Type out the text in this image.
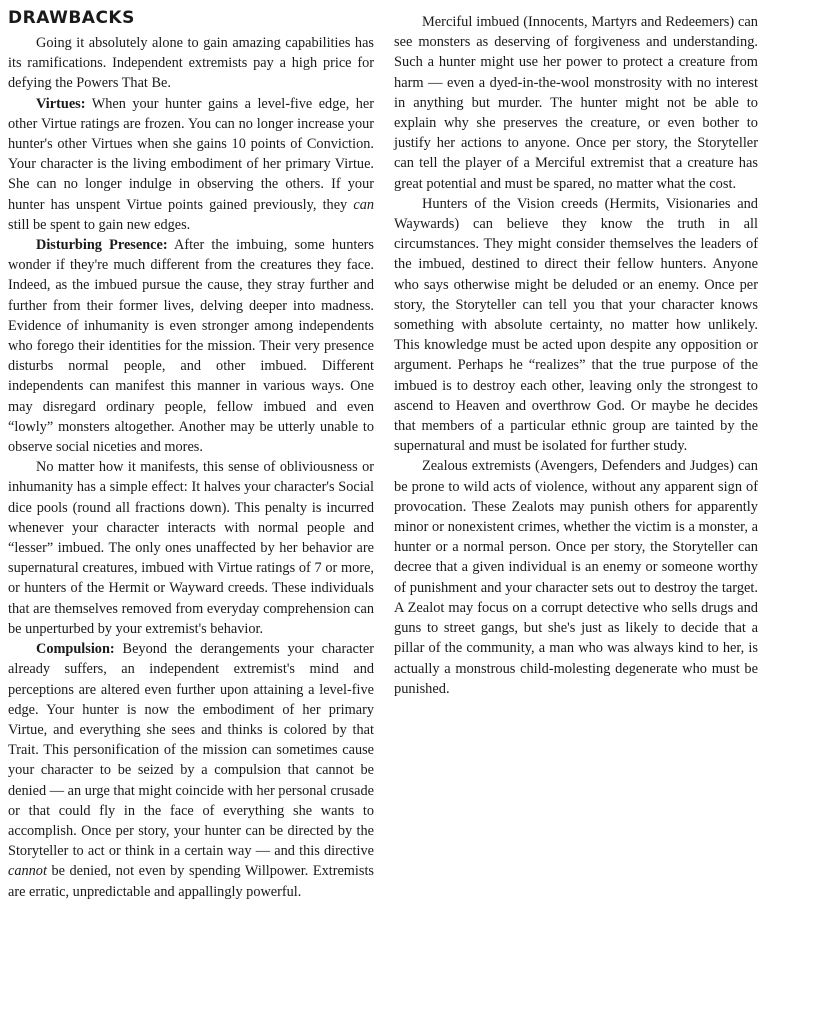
DRAWBACKS

Going it absolutely alone to gain amazing capabilities has its ramifications. Independent extremists pay a high price for defying the Powers That Be.

Virtues: When your hunter gains a level-five edge, her other Virtue ratings are frozen. You can no longer increase your hunter's other Virtues when she gains 10 points of Conviction. Your character is the living embodiment of her primary Virtue. She can no longer indulge in observing the others. If your hunter has unspent Virtue points gained previously, they can still be spent to gain new edges.

Disturbing Presence: After the imbuing, some hunters wonder if they're much different from the creatures they face. Indeed, as the imbued pursue the cause, they stray further and further from their former lives, delving deeper into madness. Evidence of inhumanity is even stronger among independents who forego their identities for the mission. Their very presence disturbs normal people, and other imbued. Different independents can manifest this manner in various ways. One may disregard ordinary people, fellow imbued and even “lowly” monsters altogether. Another may be utterly unable to observe social niceties and mores.

No matter how it manifests, this sense of obliviousness or inhumanity has a simple effect: It halves your character's Social dice pools (round all fractions down). This penalty is incurred whenever your character interacts with normal people and “lesser” imbued. The only ones unaffected by her behavior are supernatural creatures, imbued with Virtue ratings of 7 or more, or hunters of the Hermit or Wayward creeds. These individuals that are themselves removed from everyday comprehension can be unperturbed by your extremist's behavior.

Compulsion: Beyond the derangements your character already suffers, an independent extremist's mind and perceptions are altered even further upon attaining a level-five edge. Your hunter is now the embodiment of her primary Virtue, and everything she sees and thinks is colored by that Trait. This personification of the mission can sometimes cause your character to be seized by a compulsion that cannot be denied — an urge that might coincide with her personal crusade or that could fly in the face of everything she wants to accomplish. Once per story, your hunter can be directed by the Storyteller to act or think in a certain way — and this directive cannot be denied, not even by spending Willpower. Extremists are erratic, unpredictable and appallingly powerful.

Merciful imbued (Innocents, Martyrs and Redeemers) can see monsters as deserving of forgiveness and understanding. Such a hunter might use her power to protect a creature from harm — even a dyed-in-the-wool monstrosity with no interest in anything but murder. The hunter might not be able to explain why she preserves the creature, or even bother to justify her actions to anyone. Once per story, the Storyteller can tell the player of a Merciful extremist that a creature has great potential and must be spared, no matter what the cost.

Hunters of the Vision creeds (Hermits, Visionaries and Waywards) can believe they know the truth in all circumstances. They might consider themselves the leaders of the imbued, destined to direct their fellow hunters. Anyone who says otherwise might be deluded or an enemy. Once per story, the Storyteller can tell you that your character knows something with absolute certainty, no matter how unlikely. This knowledge must be acted upon despite any opposition or argument. Perhaps he “realizes” that the true purpose of the imbued is to destroy each other, leaving only the strongest to ascend to Heaven and overthrow God. Or maybe he decides that members of a particular ethnic group are tainted by the supernatural and must be isolated for further study.

Zealous extremists (Avengers, Defenders and Judges) can be prone to wild acts of violence, without any apparent sign of provocation. These Zealots may punish others for apparently minor or nonexistent crimes, whether the victim is a monster, a hunter or a normal person. Once per story, the Storyteller can decree that a given individual is an enemy or someone worthy of punishment and your character sets out to destroy the target. A Zealot may focus on a corrupt detective who sells drugs and guns to street gangs, but she's just as likely to decide that a pillar of the community, a man who was always kind to her, is actually a monstrous child-molesting degenerate who must be punished.
